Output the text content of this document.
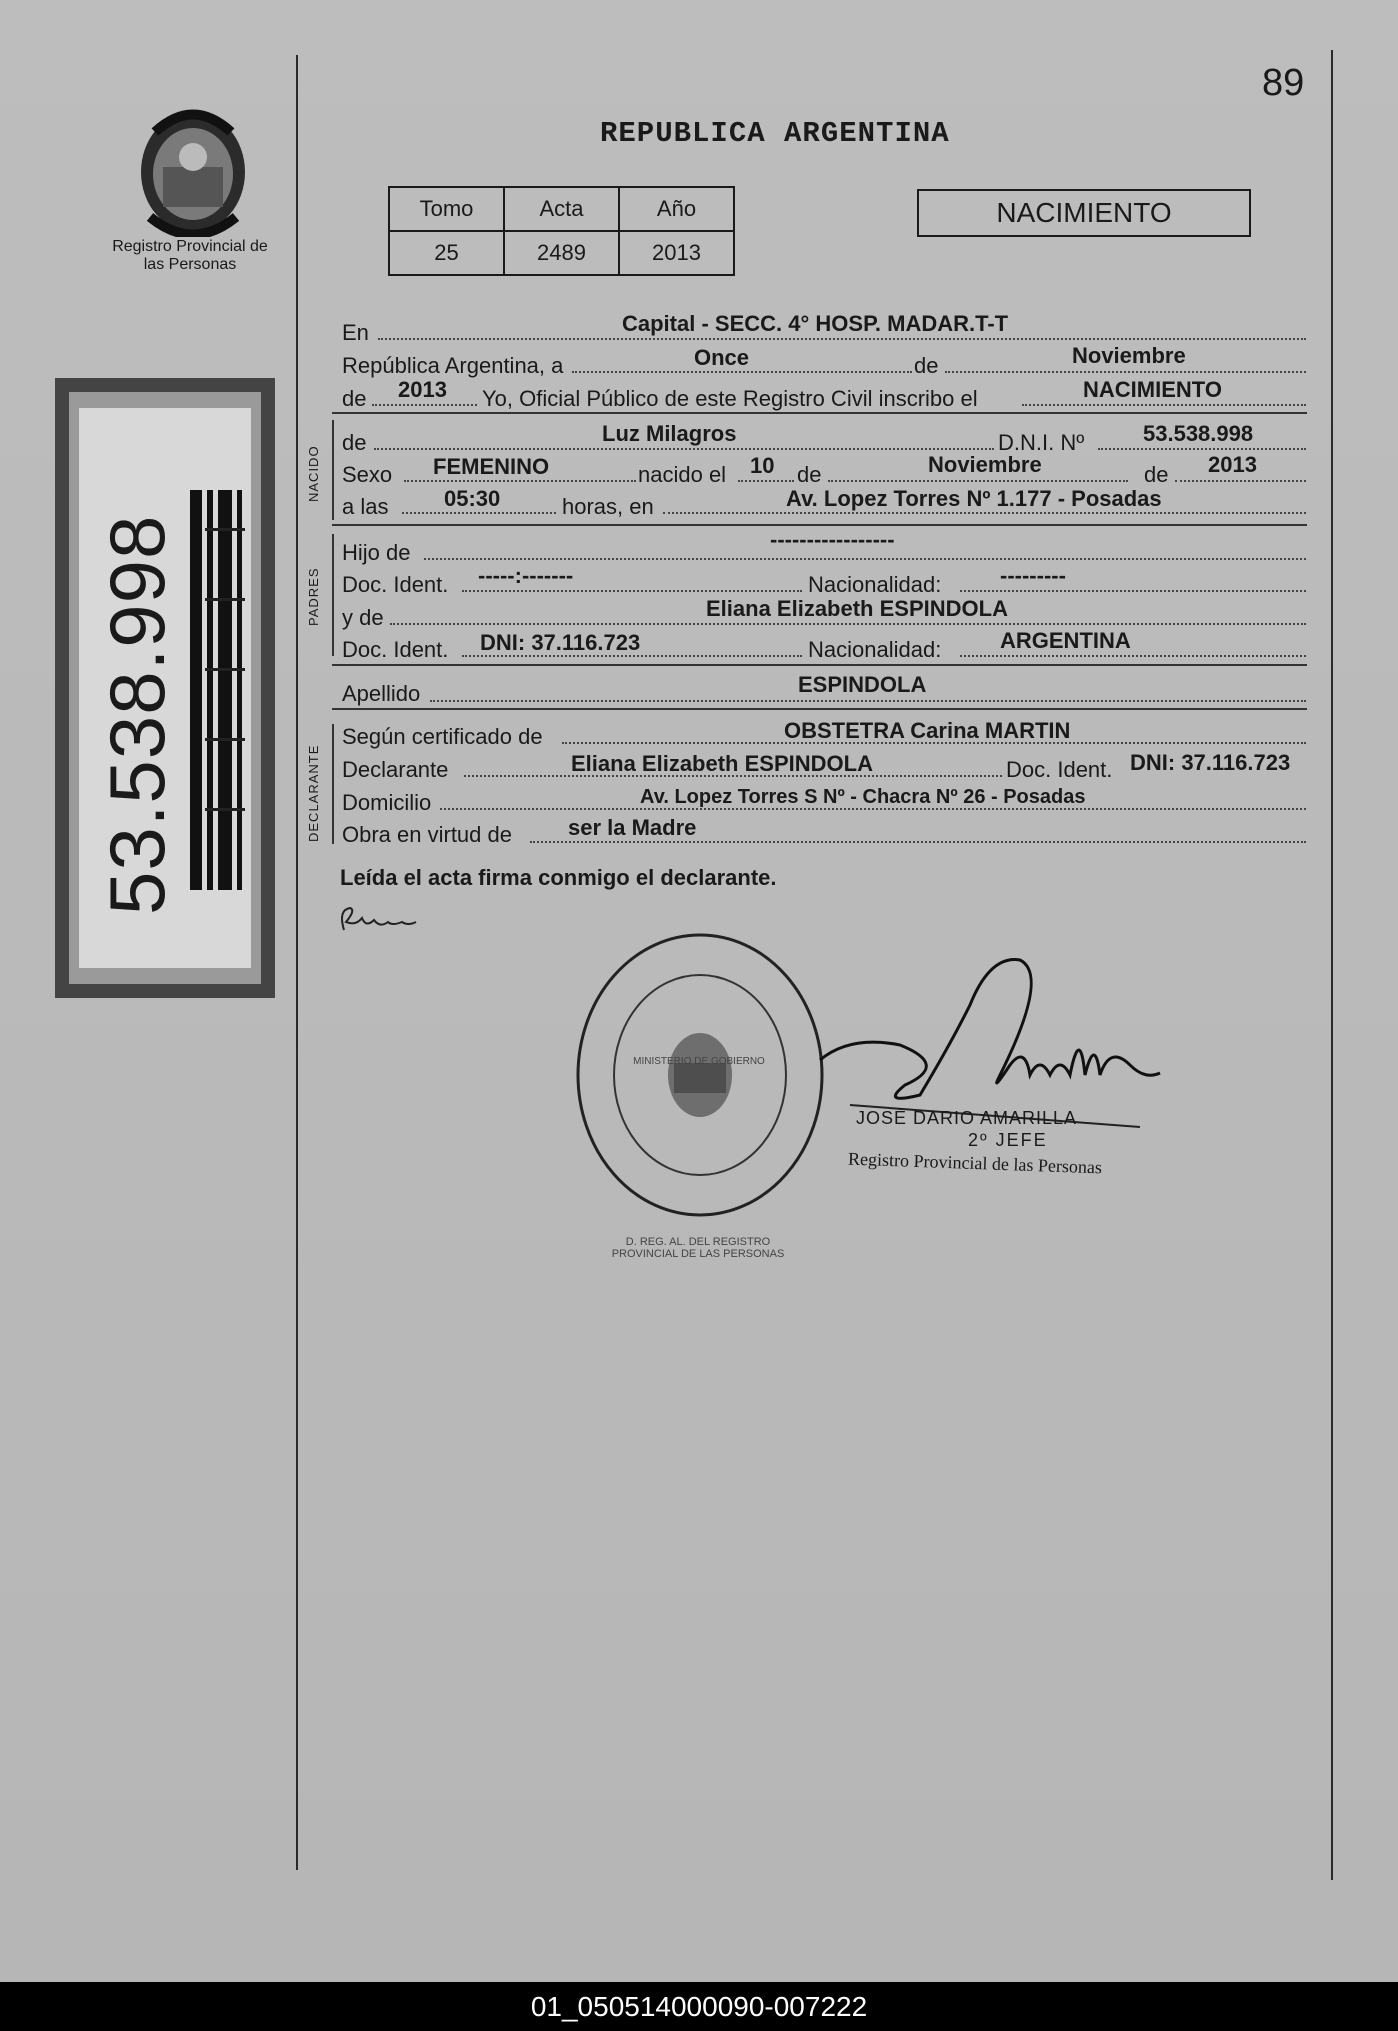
89
REPUBLICA ARGENTINA
Registro Provincial de las Personas
53.538.998
Tomo	Acta	Año
25	2489	2013
NACIMIENTO
En	Capital - SECC. 4° HOSP. MADAR.T-T
República Argentina, a	Once	de	Noviembre
de 2013 Yo, Oficial Público de este Registro Civil inscribo el	NACIMIENTO
NACIDO
de	Luz Milagros	D.N.I. Nº	53.538.998
Sexo FEMENINO	nacido el 10 de	Noviembre	de 2013
a las	05:30	horas, en	Av. Lopez Torres Nº 1.177 - Posadas
PADRES
Hijo de
-----------------
Doc. Ident. -----:-------	Nacionalidad:	---------
y de	Eliana Elizabeth ESPINDOLA
Doc. Ident. DNI: 37.116.723	Nacionalidad:	ARGENTINA
Apellido	ESPINDOLA
DECLARANTE
Según certificado de	OBSTETRA Carina MARTIN
Declarante	Eliana Elizabeth ESPINDOLA	Doc. Ident. DNI: 37.116.723
Domicilio	Av. Lopez Torres S Nº - Chacra Nº 26 - Posadas
Obra en virtud de	ser la Madre
Leída el acta firma conmigo el declarante.
D. REG. AL. DEL REGISTRO PROVINCIAL DE LAS PERSONAS
MINISTERIO DE GOBIERNO
JOSÉ DARIO AMARILLA
2º JEFE
Registro Provincial de las Personas
01_050514000090-007222
